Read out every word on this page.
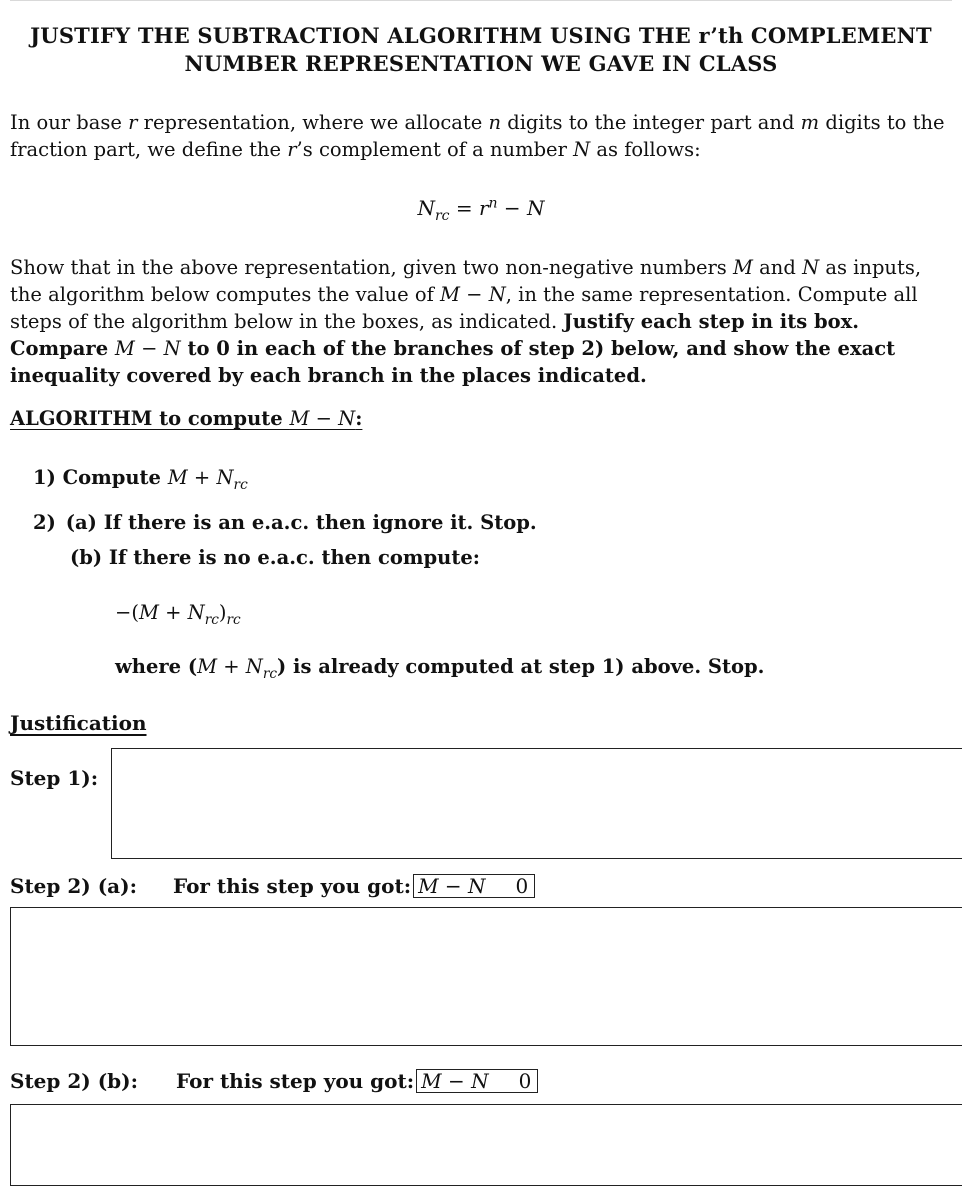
JUSTIFY THE SUBTRACTION ALGORITHM USING THE r’th COMPLEMENT
NUMBER REPRESENTATION WE GAVE IN CLASS
In our base r representation, where we allocate n digits to the integer part and m digits to the fraction part, we define the r’s complement of a number N as follows:
$N_{rc} = r^n - N$
Show that in the above representation, given two non-negative numbers M and N as inputs, the algorithm below computes the value of M − N, in the same representation. Compute all steps of the algorithm below in the boxes, as indicated. Justify each step in its box. Compare M − N to 0 in each of the branches of step 2) below, and show the exact inequality covered by each branch in the places indicated.
ALGORITHM to compute M − N:
1) Compute $M + N_{rc}$
2) (a) If there is an e.a.c. then ignore it. Stop.
(b) If there is no e.a.c. then compute:
$-(M + N_{rc})_{rc}$
where $(M + N_{rc})$ is already computed at step 1) above. Stop.
Justification
Step 1):
Step 2) (a): For this step you got: M − N 0
Step 2) (b): For this step you got: M − N 0
